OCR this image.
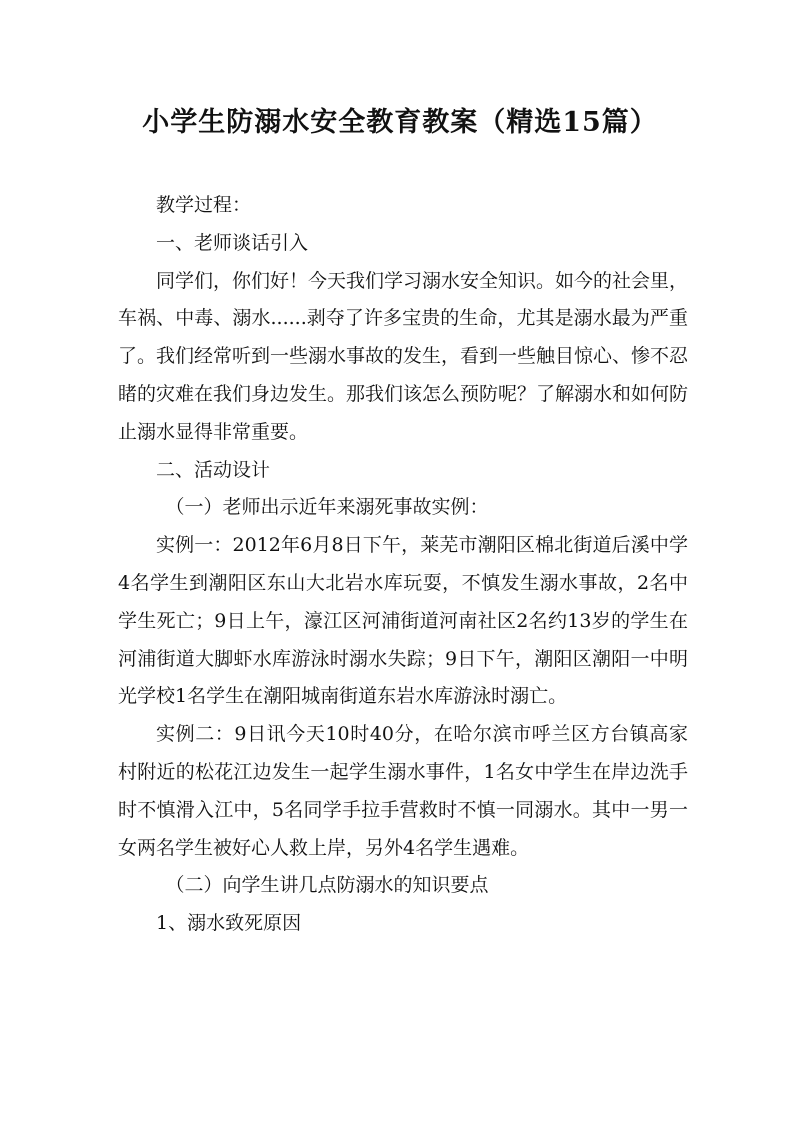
小学生防溺水安全教育教案（精选15篇）

教学过程：

一、老师谈话引入

同学们，你们好！今天我们学习溺水安全知识。如今的社会里，车祸、中毒、溺水......剥夺了许多宝贵的生命，尤其是溺水最为严重了。我们经常听到一些溺水事故的发生，看到一些触目惊心、惨不忍睹的灾难在我们身边发生。那我们该怎么预防呢？了解溺水和如何防止溺水显得非常重要。

二、活动设计

（一）老师出示近年来溺死事故实例：

实例一：2012年6月8日下午，莱芜市潮阳区棉北街道后溪中学4名学生到潮阳区东山大北岩水库玩耍，不慎发生溺水事故，2名中学生死亡；9日上午，濠江区河浦街道河南社区2名约13岁的学生在河浦街道大脚虾水库游泳时溺水失踪；9日下午，潮阳区潮阳一中明光学校1名学生在潮阳城南街道东岩水库游泳时溺亡。

实例二：9日讯今天10时40分，在哈尔滨市呼兰区方台镇高家村附近的松花江边发生一起学生溺水事件，1名女中学生在岸边洗手时不慎滑入江中，5名同学手拉手营救时不慎一同溺水。其中一男一女两名学生被好心人救上岸，另外4名学生遇难。

（二）向学生讲几点防溺水的知识要点

1、溺水致死原因
